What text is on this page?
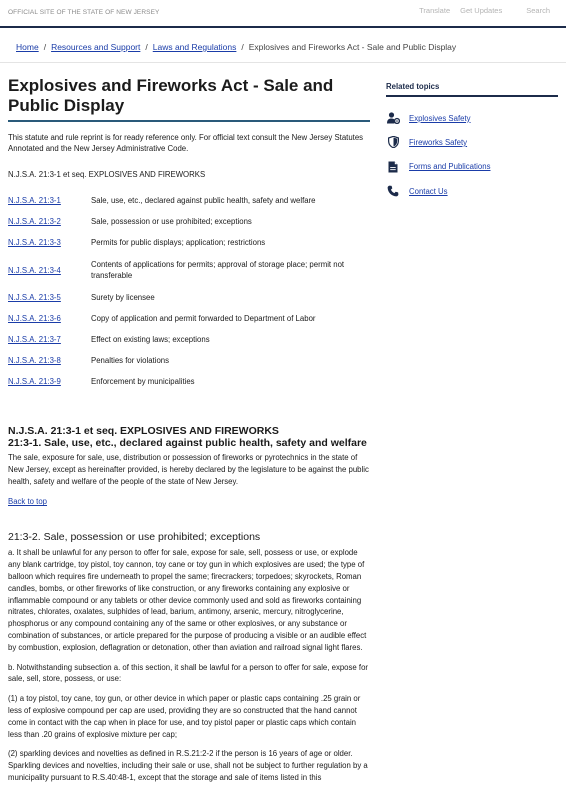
OFFICIAL SITE OF THE STATE OF NEW JERSEY	Translate Get Updates	Search
Home / Resources and Support / Laws and Regulations / Explosives and Fireworks Act - Sale and Public Display
Explosives and Fireworks Act - Sale and Public Display

This statute and rule reprint is for ready reference only. For official text consult the New Jersey Statutes Annotated and the New Jersey Administrative Code.

N.J.S.A. 21:3-1 et seq. EXPLOSIVES AND FIREWORKS

N.J.S.A. 21:3-1	Sale, use, etc., declared against public health, safety and welfare
N.J.S.A. 21:3-2	Sale, possession or use prohibited; exceptions
N.J.S.A. 21:3-3	Permits for public displays; application; restrictions
N.J.S.A. 21:3-4	Contents of applications for permits; approval of storage place; permit not transferable
N.J.S.A. 21:3-5	Surety by licensee
N.J.S.A. 21:3-6	Copy of application and permit forwarded to Department of Labor
N.J.S.A. 21:3-7	Effect on existing laws; exceptions
N.J.S.A. 21:3-8	Penalties for violations
N.J.S.A. 21:3-9	Enforcement by municipalities
N.J.S.A. 21:3-1 et seq. EXPLOSIVES AND FIREWORKS
21:3-1. Sale, use, etc., declared against public health, safety and welfare

The sale, exposure for sale, use, distribution or possession of fireworks or pyrotechnics in the state of New Jersey, except as hereinafter provided, is hereby declared by the legislature to be against the public health, safety and welfare of the people of the state of New Jersey.

Back to top
21:3-2. Sale, possession or use prohibited; exceptions

a. It shall be unlawful for any person to offer for sale, expose for sale, sell, possess or use, or explode any blank cartridge, toy pistol, toy cannon, toy cane or toy gun in which explosives are used; the type of balloon which requires fire underneath to propel the same; firecrackers; torpedoes; skyrockets, Roman candles, bombs, or other fireworks of like construction, or any fireworks containing any explosive or inflammable compound or any tablets or other device commonly used and sold as fireworks containing nitrates, chlorates, oxalates, sulphides of lead, barium, antimony, arsenic, mercury, nitroglycerine, phosphorus or any compound containing any of the same or other explosives, or any substance or combination of substances, or article prepared for the purpose of producing a visible or an audible effect by combustion, explosion, deflagration or detonation, other than aviation and railroad signal light flares.

b. Notwithstanding subsection a. of this section, it shall be lawful for a person to offer for sale, expose for sale, sell, store, possess, or use:

(1) a toy pistol, toy cane, toy gun, or other device in which paper or plastic caps containing .25 grain or less of explosive compound per cap are used, providing they are so constructed that the hand cannot come in contact with the cap when in place for use, and toy pistol paper or plastic caps which contain less than .20 grains of explosive mixture per cap;

(2) sparkling devices and novelties as defined in R.S.21:2-2 if the person is 16 years of age or older. Sparkling devices and novelties, including their sale or use, shall not be subject to further regulation by a municipality pursuant to R.S.40:48-1, except that the storage and sale of items listed in this

Related topics
Explosives Safety
Fireworks Safety
Forms and Publications
Contact Us
